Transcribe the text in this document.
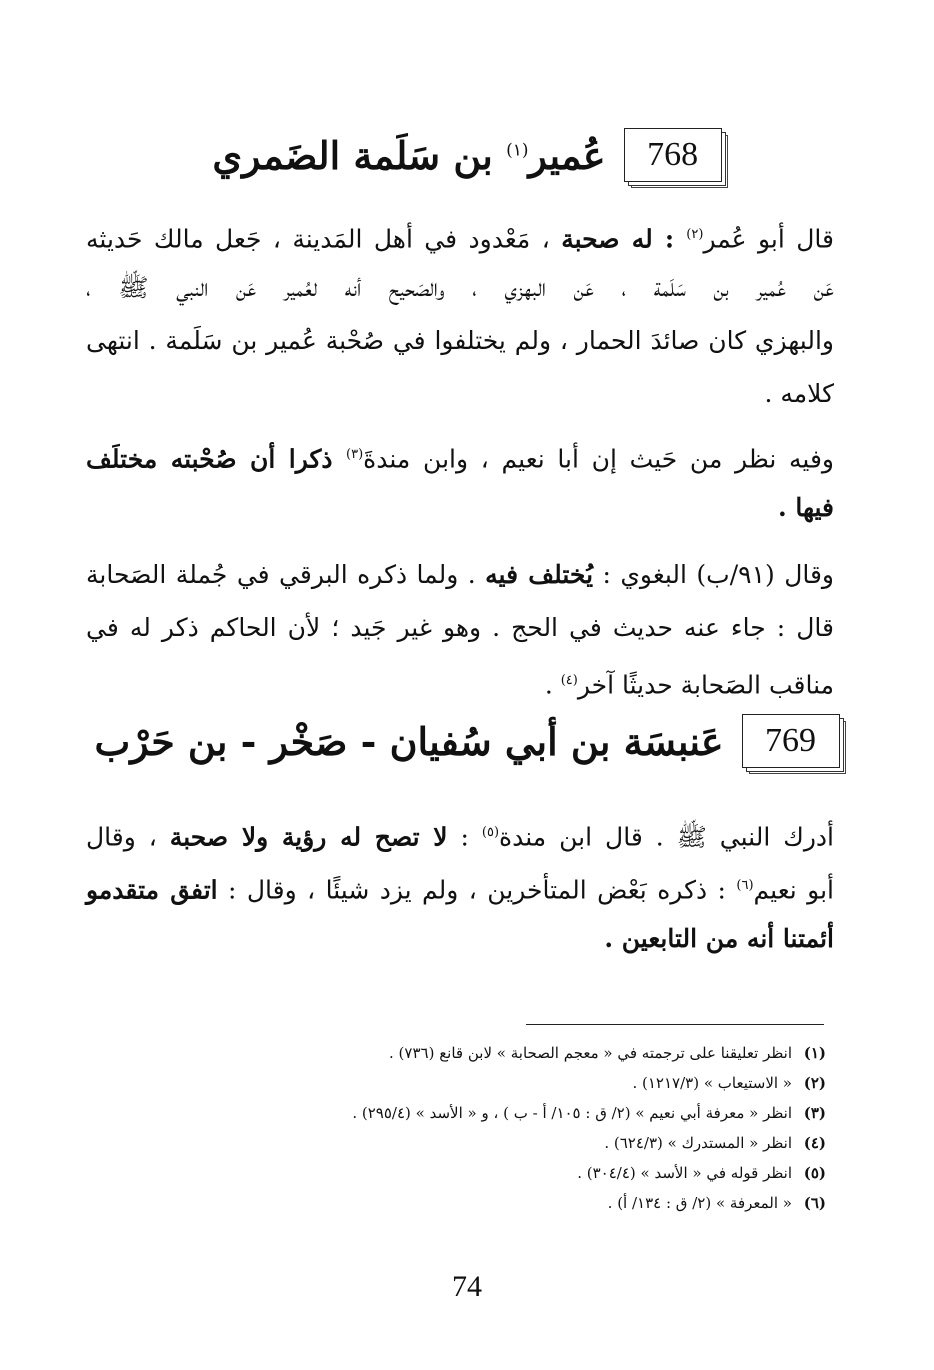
768
عُمير$^{(١)}$ بن سَلَمة الضَمري
قال أبو عُمر$^{(٢)}$ : له صحبة ، مَعْدود في أهل المَدينة ، جَعل مالك حَديثه
عَن عُمير بن سَلَمة ، عَن البهزي ، والصَحيح أنه لعُمير عَن النبي ﷺ ،
والبهزي كان صائدَ الحمار ، ولم يختلفوا في صُحْبة عُمير بن سَلَمة . انتهى
كلامه .
وفيه نظر من حَيث إن أبا نعيم ، وابن مندةَ$^{(٣)}$ ذكرا أن صُحْبته مختلَف
فيها .
وقال (٩١/ب) البغوي : يُختلف فيه . ولما ذكره البرقي في جُملة الصَحابة
قال : جاء عنه حديث في الحج . وهو غير جَيد ؛ لأن الحاكم ذكر له في
مناقب الصَحابة حديثًا آخر$^{(٤)}$ .
769
عَنبسَة بن أبي سُفيان - صَخْر - بن حَرْب
أدرك النبي ﷺ . قال ابن مندة$^{(٥)}$ : لا تصح له رؤية ولا صحبة ، وقال
أبو نعيم$^{(٦)}$ : ذكره بَعْض المتأخرين ، ولم يزد شيئًا ، وقال : اتفق متقدمو
أئمتنا أنه من التابعين .
(١)انظر تعليقنا على ترجمته في « معجم الصحابة » لابن قانع (٧٣٦) .
(٢)« الاستيعاب » (١٢١٧/٣) .
(٣)انظر « معرفة أبي نعيم » (٢/ ق : ١٠٥/ أ - ب ) ، و « الأسد » (٢٩٥/٤) .
(٤)انظر « المستدرك » (٦٢٤/٣) .
(٥)انظر قوله في « الأسد » (٣٠٤/٤) .
(٦)« المعرفة » (٢/ ق : ١٣٤/ أ) .
74
